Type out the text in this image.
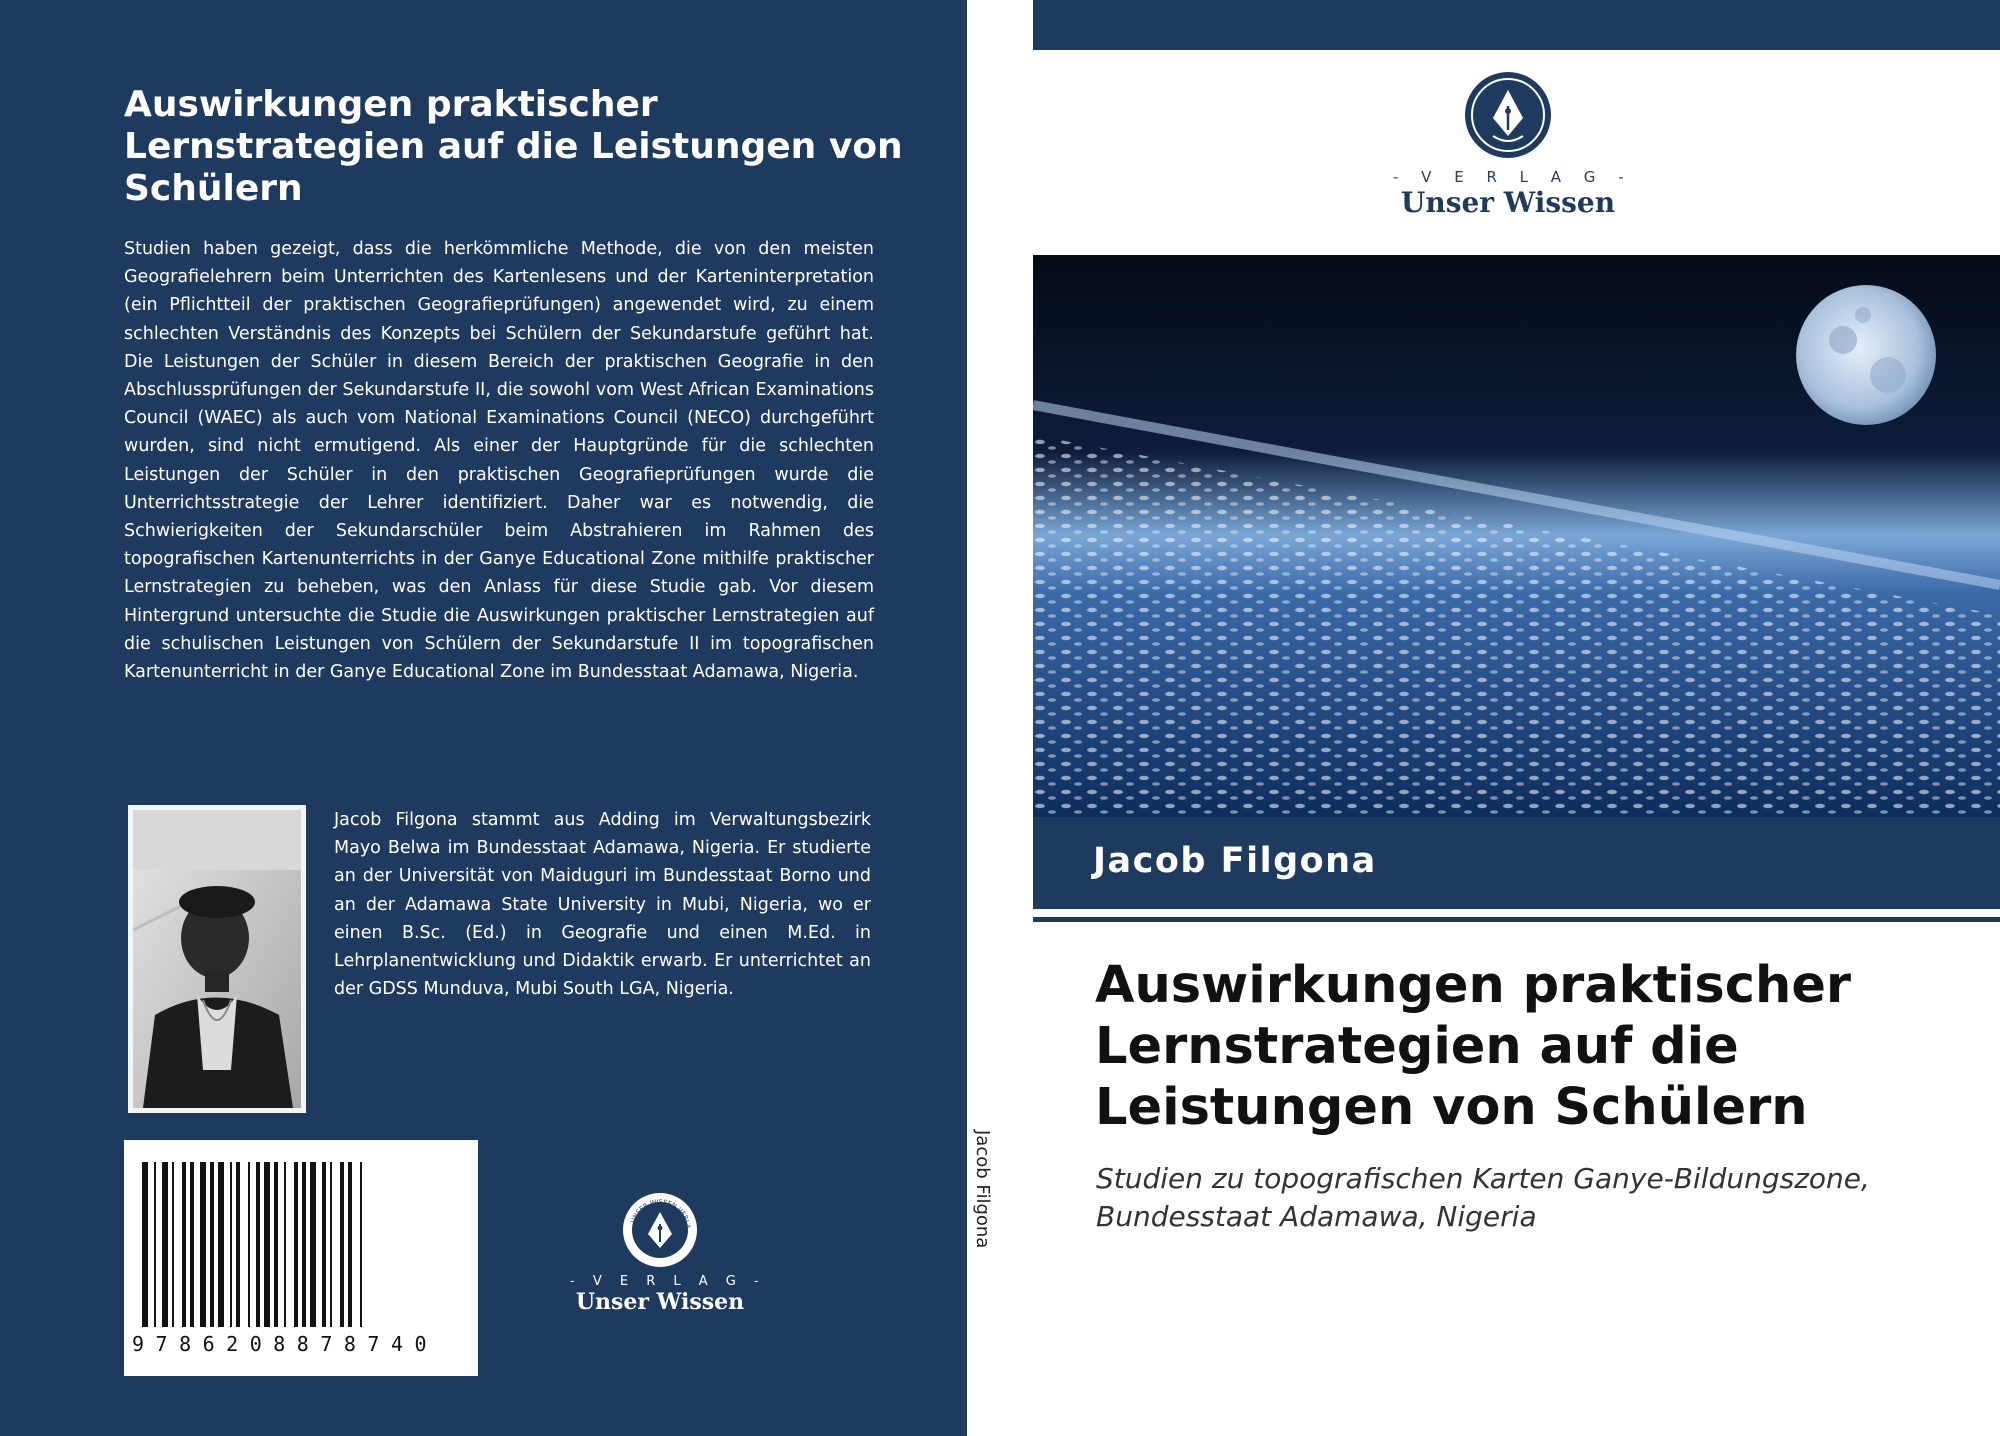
Auswirkungen praktischer Lernstrategien auf die Leistungen von Schülern

Studien haben gezeigt, dass die herkömmliche Methode, die von den meisten Geografielehrern beim Unterrichten des Kartenlesens und der Karteninterpretation (ein Pflichtteil der praktischen Geografieprüfungen) angewendet wird, zu einem schlechten Verständnis des Konzepts bei Schülern der Sekundarstufe geführt hat. Die Leistungen der Schüler in diesem Bereich der praktischen Geografie in den Abschlussprüfungen der Sekundarstufe II, die sowohl vom West African Examinations Council (WAEC) als auch vom National Examinations Council (NECO) durchgeführt wurden, sind nicht ermutigend. Als einer der Hauptgründe für die schlechten Leistungen der Schüler in den praktischen Geografieprüfungen wurde die Unterrichtsstrategie der Lehrer identifiziert. Daher war es notwendig, die Schwierigkeiten der Sekundarschüler beim Abstrahieren im Rahmen des topografischen Kartenunterrichts in der Ganye Educational Zone mithilfe praktischer Lernstrategien zu beheben, was den Anlass für diese Studie gab. Vor diesem Hintergrund untersuchte die Studie die Auswirkungen praktischer Lernstrategien auf die schulischen Leistungen von Schülern der Sekundarstufe II im topografischen Kartenunterricht in der Ganye Educational Zone im Bundesstaat Adamawa, Nigeria.

Jacob Filgona stammt aus Adding im Verwaltungsbezirk Mayo Belwa im Bundesstaat Adamawa, Nigeria. Er studierte an der Universität von Maiduguri im Bundesstaat Borno und an der Adamawa State University in Mubi, Nigeria, wo er einen B.Sc. (Ed.) in Geografie und einen M.Ed. in Lehrplanentwicklung und Didaktik erwarb. Er unterrichtet an der GDSS Munduva, Mubi South LGA, Nigeria.

9786208878740
UNSER WISSEN VERLA
- V E R L A G -
Unser Wissen
Jacob Filgona
- V E R L A G -
Unser Wissen
Jacob Filgona
Auswirkungen praktischer Lernstrategien auf die Leistungen von Schülern

Studien zu topografischen Karten Ganye-Bildungszone, Bundesstaat Adamawa, Nigeria
